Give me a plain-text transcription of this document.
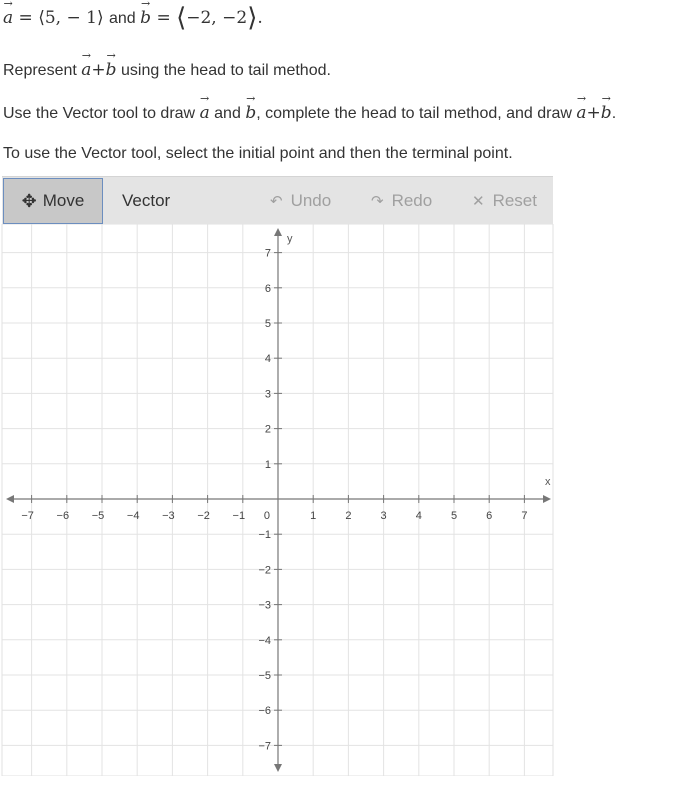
→
a = ⟨5, − 1⟩ and
→
b = ⟨−2, −2⟩.
Represent
→
a+
→
b using the head to tail method.
Use the Vector tool to draw
→
a and
→
b, complete the head to tail method, and draw
→
a+
→
b.
To use the Vector tool, select the initial point and then the terminal point.
✥ Move Vector	↶ Undo	↷ Redo	✕ Reset
x
y
−7 −6 −5 −4 −3 −2 −1	1	2	3	4	5	6	7
−7
−6
−5
−4
−3
−2
−1
1
2
3
4
5
6
7
0
